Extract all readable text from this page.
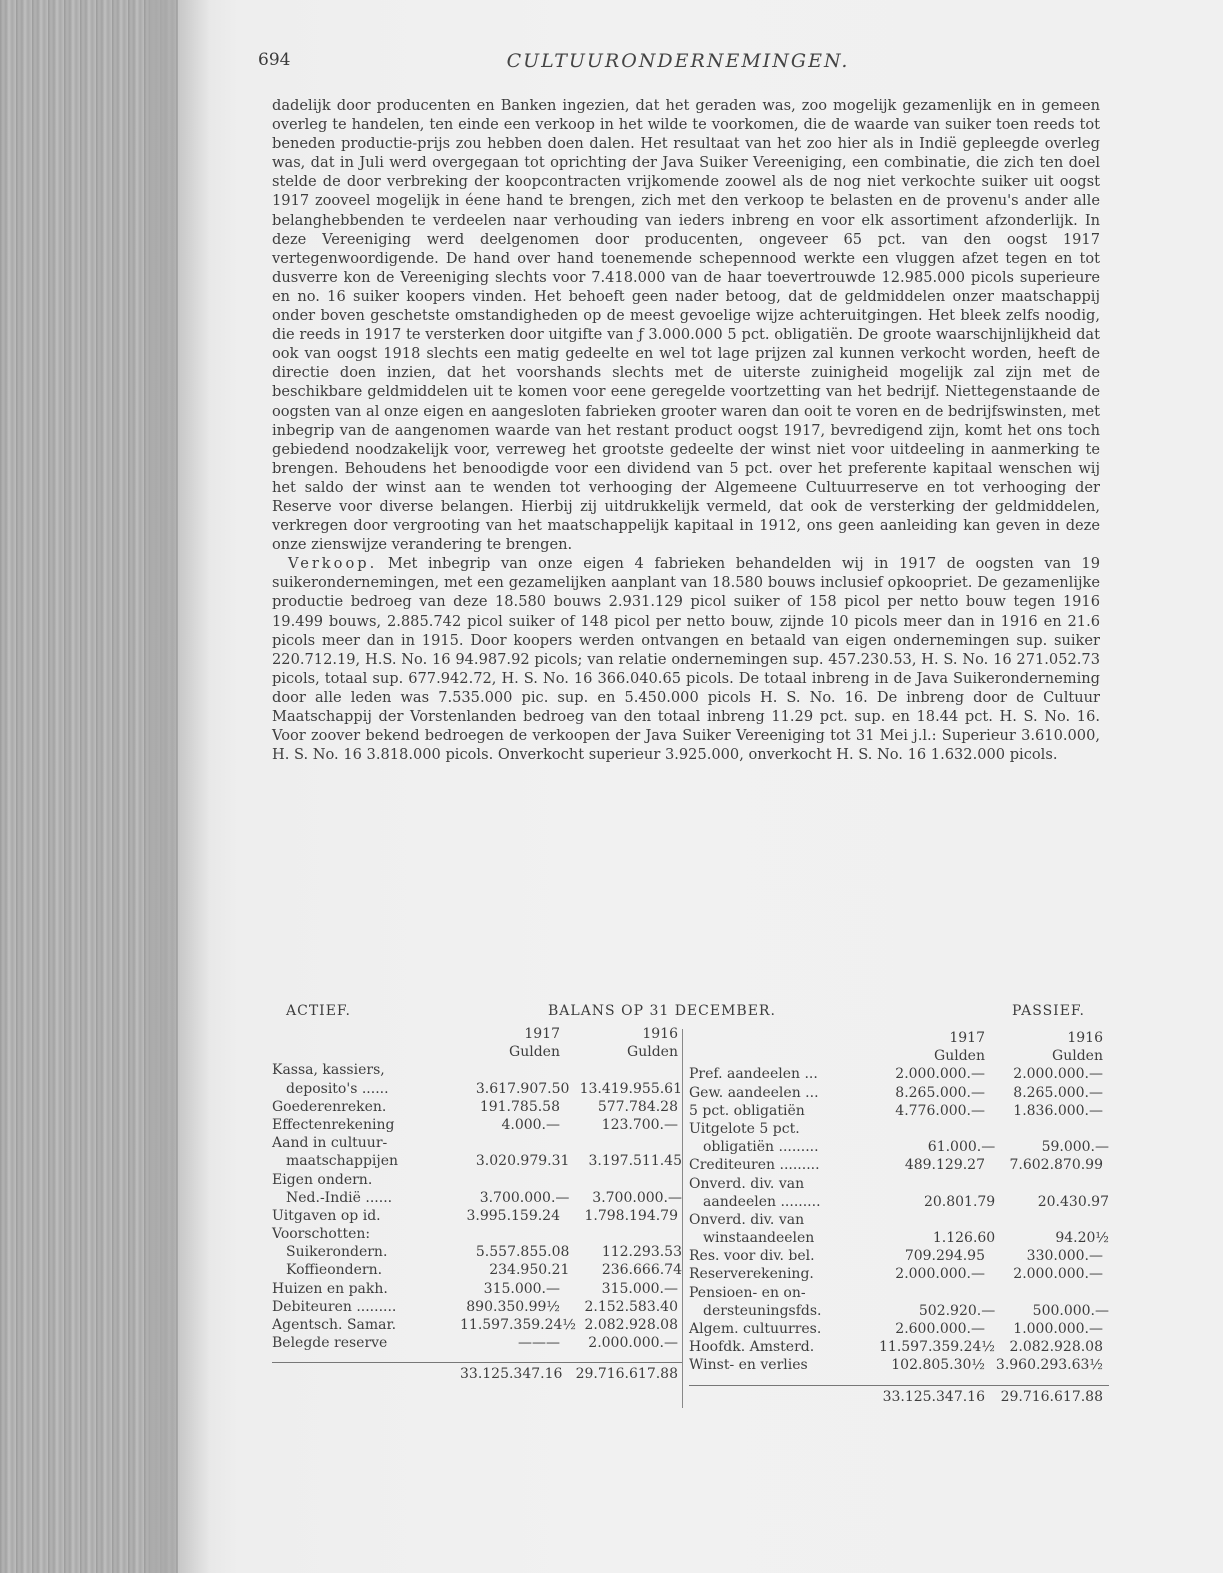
694	CULTUURONDERNEMINGEN.

dadelijk door producenten en Banken ingezien, dat het geraden was, zoo mogelijk gezamenlijk en in gemeen overleg te handelen, ten einde een verkoop in het wilde te voorkomen, die de waarde van suiker toen reeds tot beneden productie-prijs zou hebben doen dalen. Het resultaat van het zoo hier als in Indië gepleegde overleg was, dat in Juli werd overgegaan tot oprichting der Java Suiker Vereeniging, een combinatie, die zich ten doel stelde de door verbreking der koopcontracten vrijkomende zoowel als de nog niet verkochte suiker uit oogst 1917 zooveel mogelijk in éene hand te brengen, zich met den verkoop te belasten en de provenu's ander alle belanghebbenden te verdeelen naar verhouding van ieders inbreng en voor elk assortiment afzonderlijk. In deze Vereeniging werd deelgenomen door producenten, ongeveer 65 pct. van den oogst 1917 vertegenwoordigende. De hand over hand toenemende schepennood werkte een vluggen afzet tegen en tot dusverre kon de Vereeniging slechts voor 7.418.000 van de haar toevertrouwde 12.985.000 picols superieure en no. 16 suiker koopers vinden. Het behoeft geen nader betoog, dat de geldmiddelen onzer maatschappij onder boven geschetste omstandigheden op de meest gevoelige wijze achteruitgingen. Het bleek zelfs noodig, die reeds in 1917 te versterken door uitgifte van ƒ 3.000.000 5 pct. obligatiën. De groote waarschijnlijkheid dat ook van oogst 1918 slechts een matig gedeelte en wel tot lage prijzen zal kunnen verkocht worden, heeft de directie doen inzien, dat het voorshands slechts met de uiterste zuinigheid mogelijk zal zijn met de beschikbare geldmiddelen uit te komen voor eene geregelde voortzetting van het bedrijf. Niettegenstaande de oogsten van al onze eigen en aangesloten fabrieken grooter waren dan ooit te voren en de bedrijfswinsten, met inbegrip van de aangenomen waarde van het restant product oogst 1917, bevredigend zijn, komt het ons toch gebiedend noodzakelijk voor, verreweg het grootste gedeelte der winst niet voor uitdeeling in aanmerking te brengen. Behoudens het benoodigde voor een dividend van 5 pct. over het preferente kapitaal wenschen wij het saldo der winst aan te wenden tot verhooging der Algemeene Cultuurreserve en tot verhooging der Reserve voor diverse belangen. Hierbij zij uitdrukkelijk vermeld, dat ook de versterking der geldmiddelen, verkregen door vergrooting van het maatschappelijk kapitaal in 1912, ons geen aanleiding kan geven in deze onze zienswijze verandering te brengen.

Verkoop. Met inbegrip van onze eigen 4 fabrieken behandelden wij in 1917 de oogsten van 19 suikerondernemingen, met een gezamelijken aanplant van 18.580 bouws inclusief opkoopriet. De gezamenlijke productie bedroeg van deze 18.580 bouws 2.931.129 picol suiker of 158 picol per netto bouw tegen 1916 19.499 bouws, 2.885.742 picol suiker of 148 picol per netto bouw, zijnde 10 picols meer dan in 1916 en 21.6 picols meer dan in 1915. Door koopers werden ontvangen en betaald van eigen ondernemingen sup. suiker 220.712.19, H.S. No. 16 94.987.92 picols; van relatie ondernemingen sup. 457.230.53, H. S. No. 16 271.052.73 picols, totaal sup. 677.942.72, H. S. No. 16 366.040.65 picols. De totaal inbreng in de Java Suikeronderneming door alle leden was 7.535.000 pic. sup. en 5.450.000 picols H. S. No. 16. De inbreng door de Cultuur Maatschappij der Vorstenlanden bedroeg van den totaal inbreng 11.29 pct. sup. en 18.44 pct. H. S. No. 16. Voor zoover bekend bedroegen de verkoopen der Java Suiker Vereeniging tot 31 Mei j.l.: Superieur 3.610.000, H. S. No. 16 3.818.000 picols. Onverkocht superieur 3.925.000, onverkocht H. S. No. 16 1.632.000 picols.

ACTIEF.	BALANS OP 31 DECEMBER.	PASSIEF.
1917	1916
Gulden	Gulden
Kassa, kassiers,
deposito's ......	3.617.907.50 13.419.955.61
Goederenreken.	191.785.58	577.784.28
Effectenrekening	4.000.—	123.700.—
Aand in cultuur-
maatschappijen	3.020.979.31	3.197.511.45
Eigen ondern.
Ned.-Indië ......	3.700.000.—	3.700.000.—
Uitgaven op id.	3.995.159.24	1.798.194.79
Voorschotten:
Suikerondern.	5.557.855.08	112.293.53
Koffieondern.	234.950.21	236.666.74
Huizen en pakh.	315.000.—	315.000.—
Debiteuren .........	890.350.99½	2.152.583.40
Agentsch. Samar.	11.597.359.24½ 2.082.928.08
Belegde reserve	———	2.000.000.—
33.125.347.16 29.716.617.88
1917	1916
Gulden	Gulden
Pref. aandeelen ...	2.000.000.—	2.000.000.—
Gew. aandeelen ...	8.265.000.—	8.265.000.—
5 pct. obligatiën	4.776.000.—	1.836.000.—
Uitgelote 5 pct.
obligatiën .........	61.000.—	59.000.—
Crediteuren .........	489.129.27	7.602.870.99
Onverd. div. van
aandeelen .........	20.801.79	20.430.97
Onverd. div. van
winstaandeelen	1.126.60	94.20½
Res. voor div. bel.	709.294.95	330.000.—
Reserverekening.	2.000.000.—	2.000.000.—
Pensioen- en on-
dersteuningsfds.	502.920.—	500.000.—
Algem. cultuurres.	2.600.000.—	1.000.000.—
Hoofdk. Amsterd.	11.597.359.24½	2.082.928.08
Winst- en verlies	102.805.30½ 3.960.293.63½
33.125.347.16	29.716.617.88
